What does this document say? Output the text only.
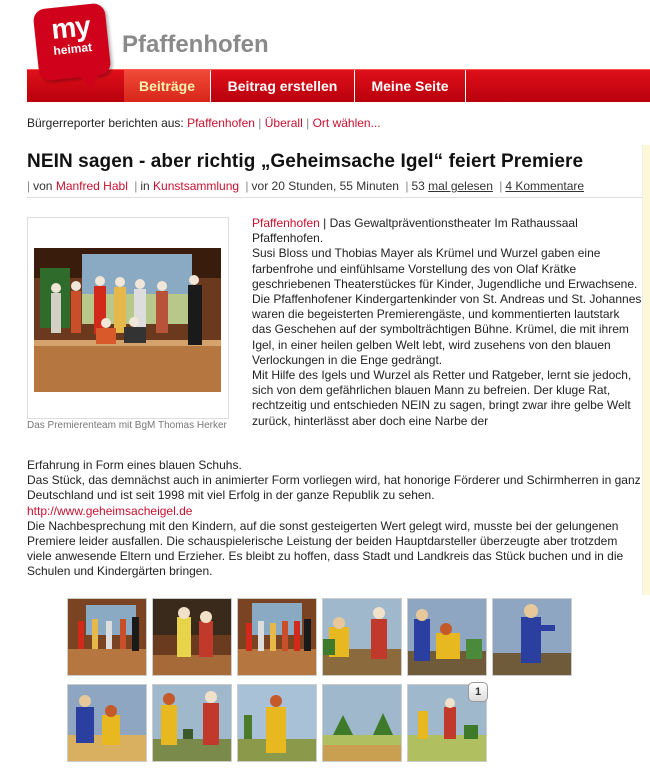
my
heimat	Pfaffenhofen
Beiträge	Beitrag erstellen	Meine Seite
Bürgerreporter berichten aus: Pfaffenhofen | Überall | Ort wählen...
NEIN sagen - aber richtig „Geheimsache Igel“ feiert Premiere
| von Manfred Habl | in Kunstsammlung | vor 20 Stunden, 55 Minuten | 53 mal gelesen | 4 Kommentare
Das Premierenteam mit BgM Thomas Herker

Pfaffenhofen | Das Gewaltpräventionstheater Im Rathaussaal Pfaffenhofen.

Susi Bloss und Thobias Mayer als Krümel und Wurzel gaben eine farbenfrohe und einfühlsame Vorstellung des von Olaf Krätke geschriebenen Theaterstückes für Kinder, Jugendliche und Erwachsene. Die Pfaffenhofener Kindergartenkinder von St. Andreas und St. Johannes waren die begeisterten Premierengäste, und kommentierten lautstark das Geschehen auf der symbolträchtigen Bühne. Krümel, die mit ihrem Igel, in einer heilen gelben Welt lebt, wird zusehens von den blauen Verlockungen in die Enge gedrängt.

Mit Hilfe des Igels und Wurzel als Retter und Ratgeber, lernt sie jedoch, sich von dem gefährlichen blauen Mann zu befreien. Der kluge Rat, rechtzeitig und entschieden NEIN zu sagen, bringt zwar ihre gelbe Welt zurück, hinterlässt aber doch eine Narbe der

Erfahrung in Form eines blauen Schuhs.

Das Stück, das demnächst auch in animierter Form vorliegen wird, hat honorige Förderer und Schirmherren in ganz Deutschland und ist seit 1998 mit viel Erfolg in der ganze Republik zu sehen.

http://www.geheimsacheigel.de

Die Nachbesprechung mit den Kindern, auf die sonst gesteigerten Wert gelegt wird, musste bei der gelungenen Premiere leider ausfallen. Die schauspielerische Leistung der beiden Hauptdarsteller überzeugte aber trotzdem viele anwesende Eltern und Erzieher. Es bleibt zu hoffen, dass Stadt und Landkreis das Stück buchen und in die Schulen und Kindergärten bringen.

1
